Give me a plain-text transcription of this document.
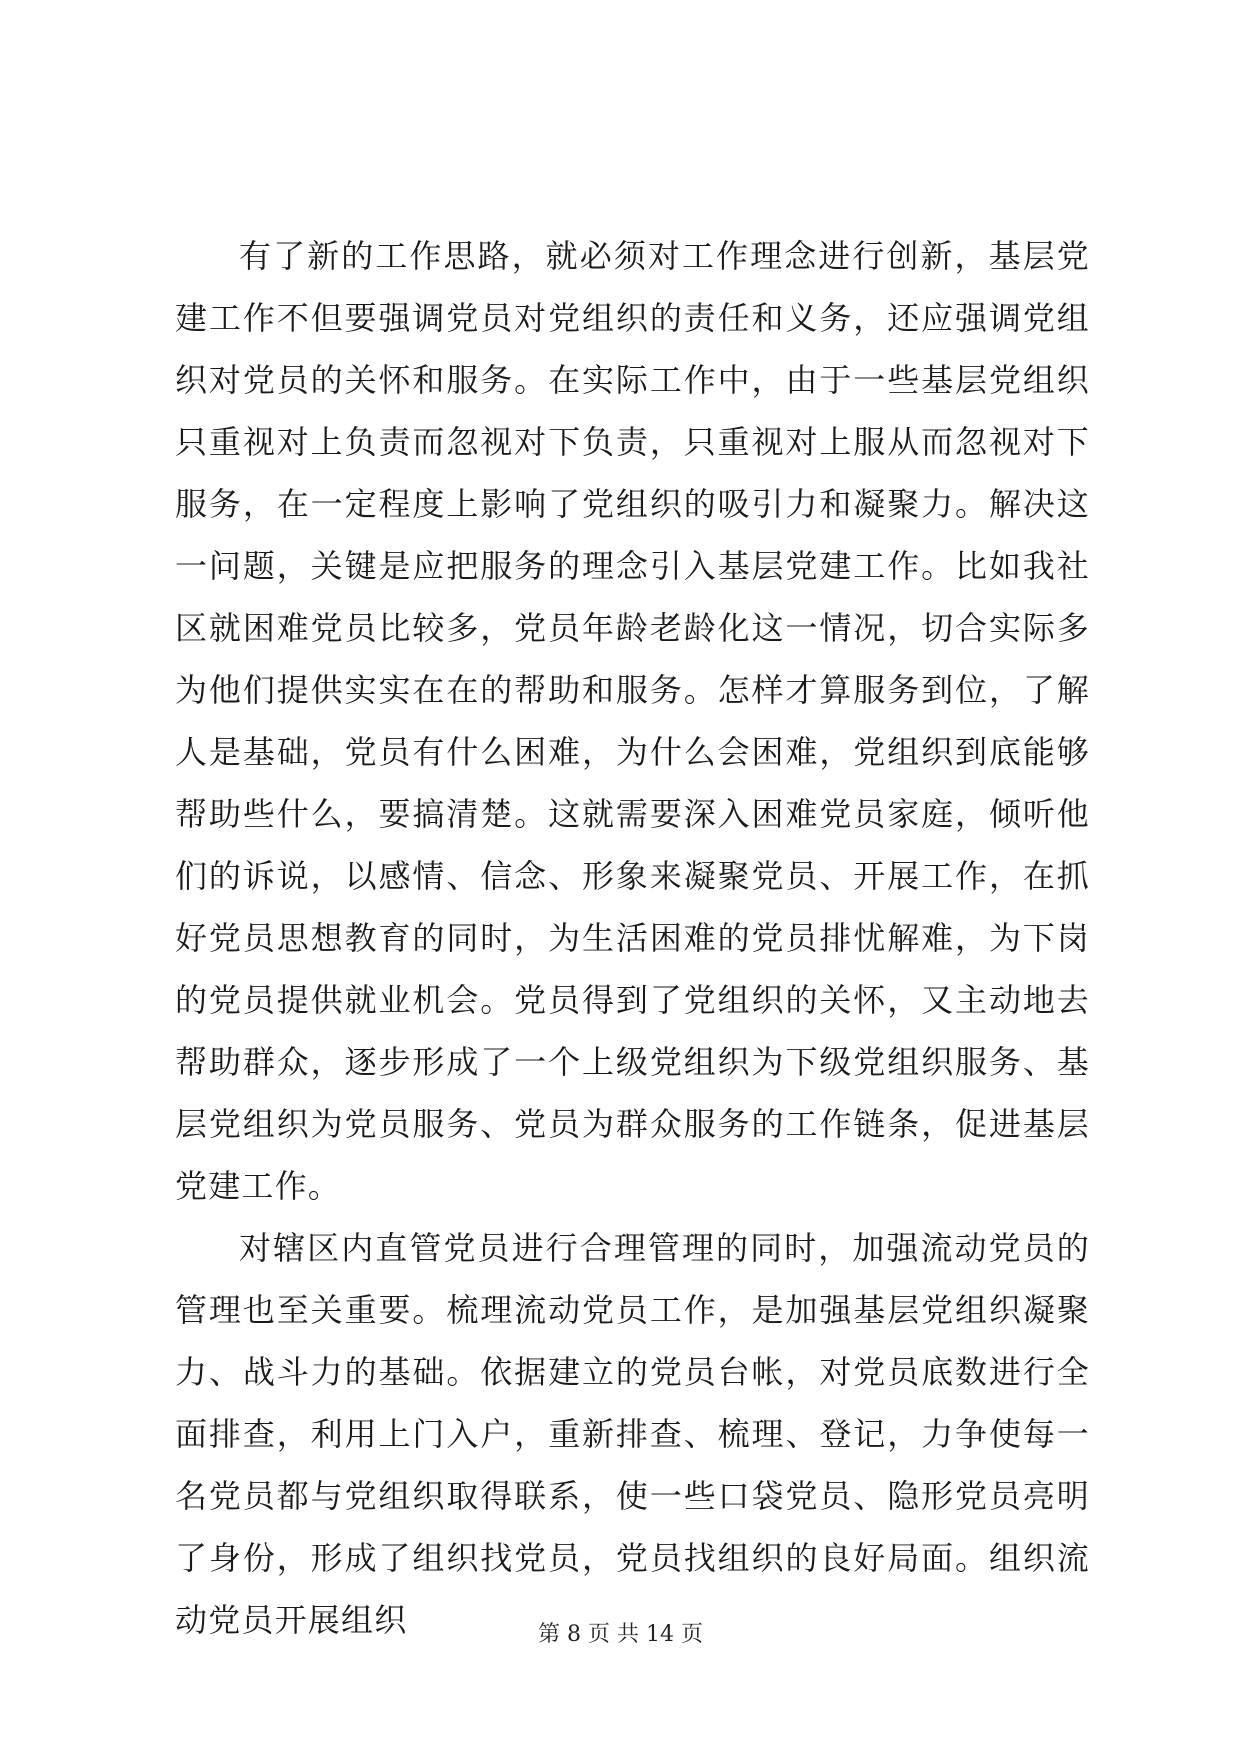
有了新的工作思路，就必须对工作理念进行创新，基层党建工作不但要强调党员对党组织的责任和义务，还应强调党组织对党员的关怀和服务。在实际工作中，由于一些基层党组织只重视对上负责而忽视对下负责，只重视对上服从而忽视对下服务，在一定程度上影响了党组织的吸引力和凝聚力。解决这一问题，关键是应把服务的理念引入基层党建工作。比如我社区就困难党员比较多，党员年龄老龄化这一情况，切合实际多为他们提供实实在在的帮助和服务。怎样才算服务到位，了解人是基础，党员有什么困难，为什么会困难，党组织到底能够帮助些什么，要搞清楚。这就需要深入困难党员家庭，倾听他们的诉说，以感情、信念、形象来凝聚党员、开展工作，在抓好党员思想教育的同时，为生活困难的党员排忧解难，为下岗的党员提供就业机会。党员得到了党组织的关怀，又主动地去帮助群众，逐步形成了一个上级党组织为下级党组织服务、基层党组织为党员服务、党员为群众服务的工作链条，促进基层党建工作。

对辖区内直管党员进行合理管理的同时，加强流动党员的管理也至关重要。梳理流动党员工作，是加强基层党组织凝聚力、战斗力的基础。依据建立的党员台帐，对党员底数进行全面排查，利用上门入户，重新排查、梳理、登记，力争使每一名党员都与党组织取得联系，使一些口袋党员、隐形党员亮明了身份，形成了组织找党员，党员找组织的良好局面。组织流动党员开展组织	第 8 页 共 14 页
